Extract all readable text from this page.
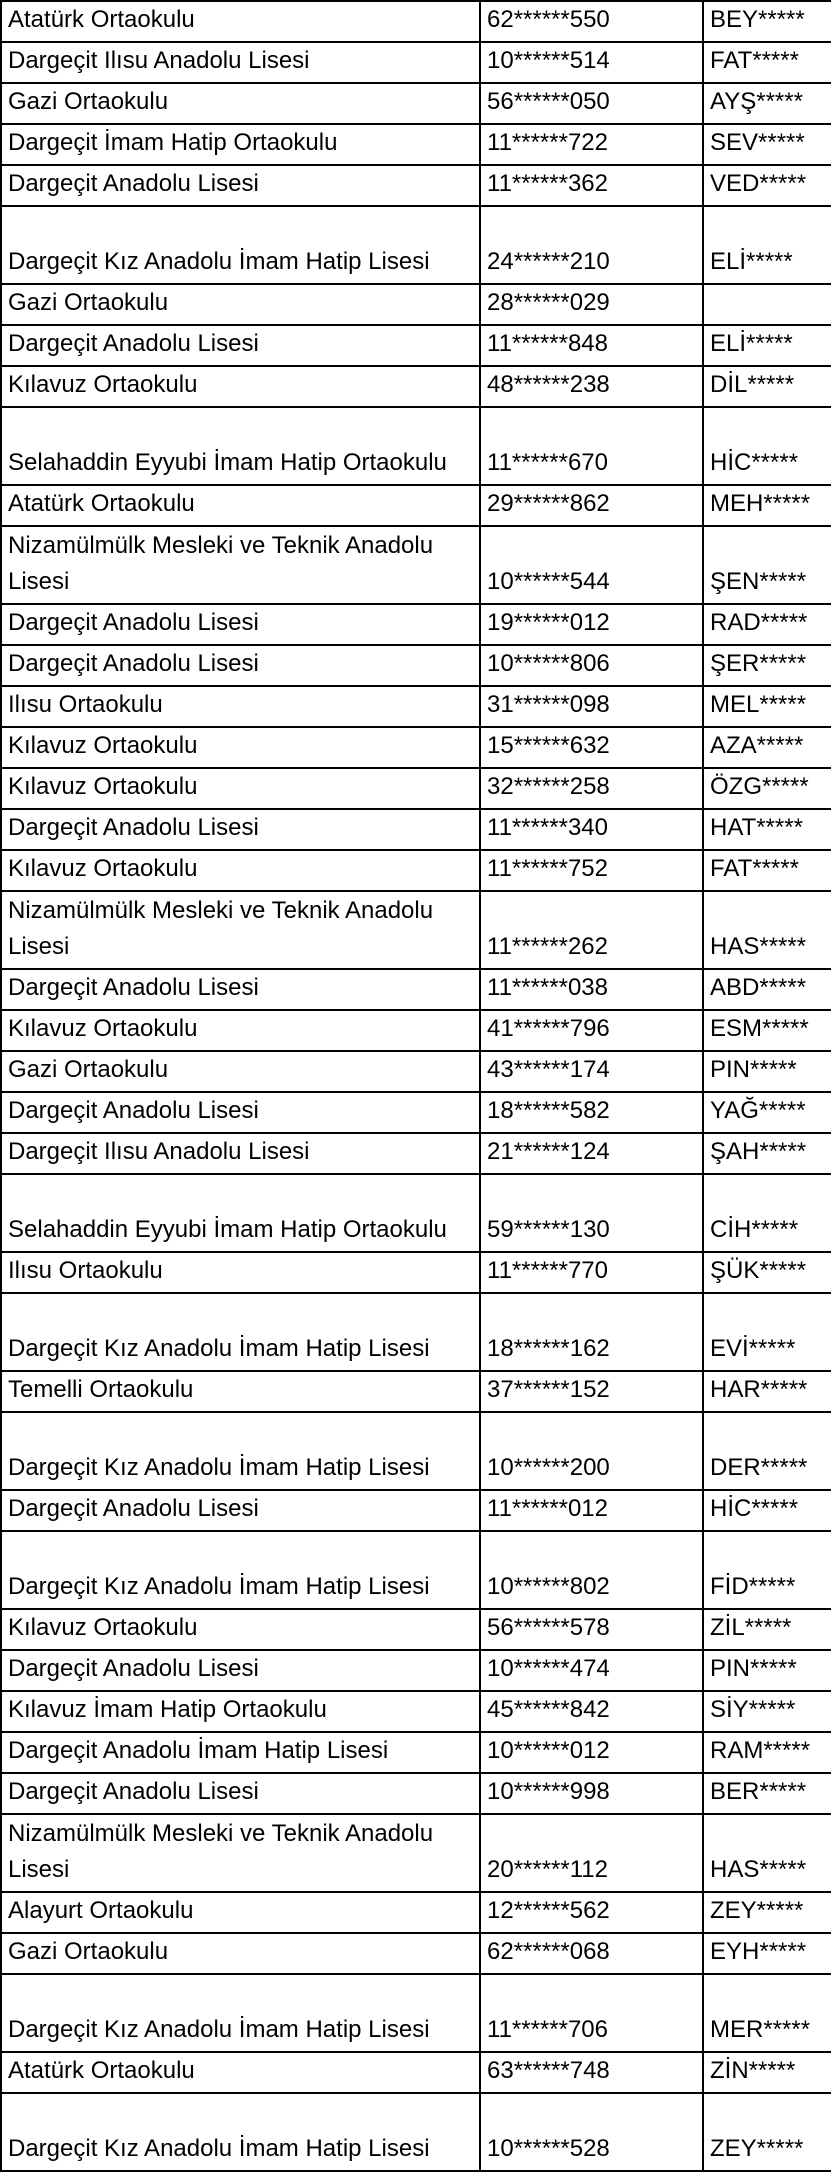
Atatürk Ortaokulu	62******550	BEY*****

Dargeçit Ilısu Anadolu Lisesi	10******514	FAT*****

Gazi Ortaokulu	56******050	AYŞ*****

Dargeçit İmam Hatip Ortaokulu	11******722	SEV*****

Dargeçit Anadolu Lisesi	11******362	VED*****

Dargeçit Kız Anadolu İmam Hatip Lisesi	24******210	ELİ*****

Gazi Ortaokulu	28******029	

Dargeçit Anadolu Lisesi	11******848	ELİ*****

Kılavuz Ortaokulu	48******238	DİL*****

Selahaddin Eyyubi İmam Hatip Ortaokulu	11******670	HİC*****

Atatürk Ortaokulu	29******862	MEH*****

Nizamülmülk Mesleki ve Teknik Anadolu Lisesi	10******544	ŞEN*****

Dargeçit Anadolu Lisesi	19******012	RAD*****

Dargeçit Anadolu Lisesi	10******806	ŞER*****

Ilısu Ortaokulu	31******098	MEL*****

Kılavuz Ortaokulu	15******632	AZA*****

Kılavuz Ortaokulu	32******258	ÖZG*****

Dargeçit Anadolu Lisesi	11******340	HAT*****

Kılavuz Ortaokulu	11******752	FAT*****

Nizamülmülk Mesleki ve Teknik Anadolu Lisesi	11******262	HAS*****

Dargeçit Anadolu Lisesi	11******038	ABD*****

Kılavuz Ortaokulu	41******796	ESM*****

Gazi Ortaokulu	43******174	PIN*****

Dargeçit Anadolu Lisesi	18******582	YAĞ*****

Dargeçit Ilısu Anadolu Lisesi	21******124	ŞAH*****

Selahaddin Eyyubi İmam Hatip Ortaokulu	59******130	CİH*****

Ilısu Ortaokulu	11******770	ŞÜK*****

Dargeçit Kız Anadolu İmam Hatip Lisesi	18******162	EVİ*****

Temelli Ortaokulu	37******152	HAR*****

Dargeçit Kız Anadolu İmam Hatip Lisesi	10******200	DER*****

Dargeçit Anadolu Lisesi	11******012	HİC*****

Dargeçit Kız Anadolu İmam Hatip Lisesi	10******802	FİD*****

Kılavuz Ortaokulu	56******578	ZİL*****

Dargeçit Anadolu Lisesi	10******474	PIN*****

Kılavuz İmam Hatip Ortaokulu	45******842	SİY*****

Dargeçit Anadolu İmam Hatip Lisesi	10******012	RAM*****

Dargeçit Anadolu Lisesi	10******998	BER*****

Nizamülmülk Mesleki ve Teknik Anadolu Lisesi	20******112	HAS*****

Alayurt Ortaokulu	12******562	ZEY*****

Gazi Ortaokulu	62******068	EYH*****

Dargeçit Kız Anadolu İmam Hatip Lisesi	11******706	MER*****

Atatürk Ortaokulu	63******748	ZİN*****

Dargeçit Kız Anadolu İmam Hatip Lisesi	10******528	ZEY*****
